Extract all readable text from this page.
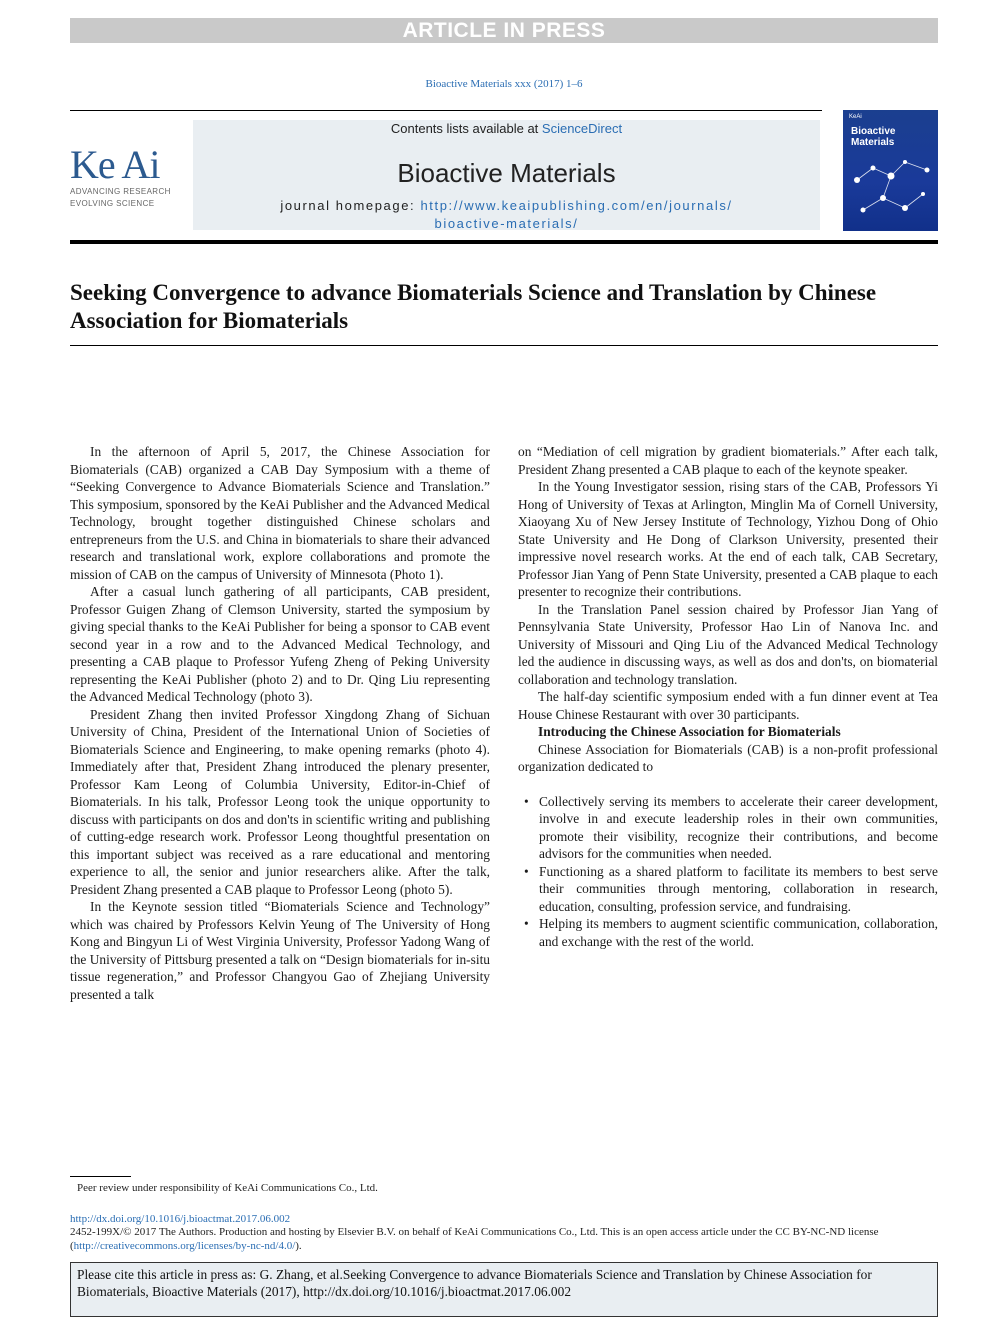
ARTICLE IN PRESS
Bioactive Materials xxx (2017) 1–6
Ke Ai
ADVANCING RESEARCH
EVOLVING SCIENCE
Contents lists available at ScienceDirect
Bioactive Materials
journal homepage: http://www.keaipublishing.com/en/journals/
bioactive-materials/
KeAi
Bioactive
Materials
Seeking Convergence to advance Biomaterials Science and Translation by Chinese Association for Biomaterials

In the afternoon of April 5, 2017, the Chinese Association for Biomaterials (CAB) organized a CAB Day Symposium with a theme of “Seeking Convergence to Advance Biomaterials Science and Translation.” This symposium, sponsored by the KeAi Publisher and the Advanced Medical Technology, brought together distinguished Chinese scholars and entrepreneurs from the U.S. and China in biomaterials to share their advanced research and translational work, explore collaborations and promote the mission of CAB on the campus of University of Minnesota (Photo 1).

After a casual lunch gathering of all participants, CAB president, Professor Guigen Zhang of Clemson University, started the symposium by giving special thanks to the KeAi Publisher for being a sponsor to CAB event second year in a row and to the Advanced Medical Technology, and presenting a CAB plaque to Professor Yufeng Zheng of Peking University representing the KeAi Publisher (photo 2) and to Dr. Qing Liu representing the Advanced Medical Technology (photo 3).

President Zhang then invited Professor Xingdong Zhang of Sichuan University of China, President of the International Union of Societies of Biomaterials Science and Engineering, to make opening remarks (photo 4). Immediately after that, President Zhang introduced the plenary presenter, Professor Kam Leong of Columbia University, Editor-in-Chief of Biomaterials. In his talk, Professor Leong took the unique opportunity to discuss with participants on dos and don'ts in scientific writing and publishing of cutting-edge research work. Professor Leong thoughtful presentation on this important subject was received as a rare educational and mentoring experience to all, the senior and junior researchers alike. After the talk, President Zhang presented a CAB plaque to Professor Leong (photo 5).

In the Keynote session titled “Biomaterials Science and Technology” which was chaired by Professors Kelvin Yeung of The University of Hong Kong and Bingyun Li of West Virginia University, Professor Yadong Wang of the University of Pittsburg presented a talk on “Design biomaterials for in-situ tissue regeneration,” and Professor Changyou Gao of Zhejiang University presented a talk

on “Mediation of cell migration by gradient biomaterials.” After each talk, President Zhang presented a CAB plaque to each of the keynote speaker.

In the Young Investigator session, rising stars of the CAB, Professors Yi Hong of University of Texas at Arlington, Minglin Ma of Cornell University, Xiaoyang Xu of New Jersey Institute of Technology, Yizhou Dong of Ohio State University and He Dong of Clarkson University, presented their impressive novel research works. At the end of each talk, CAB Secretary, Professor Jian Yang of Penn State University, presented a CAB plaque to each presenter to recognize their contributions.

In the Translation Panel session chaired by Professor Jian Yang of Pennsylvania State University, Professor Hao Lin of Nanova Inc. and University of Missouri and Qing Liu of the Advanced Medical Technology led the audience in discussing ways, as well as dos and don'ts, on biomaterial collaboration and technology translation.

The half-day scientific symposium ended with a fun dinner event at Tea House Chinese Restaurant with over 30 participants.

Introducing the Chinese Association for Biomaterials

Chinese Association for Biomaterials (CAB) is a non-profit professional organization dedicated to

• Collectively serving its members to accelerate their career development, involve in and execute leadership roles in their own communities, promote their visibility, recognize their contributions, and become advisors for the communities when needed.
• Functioning as a shared platform to facilitate its members to best serve their communities through mentoring, collaboration in research, education, consulting, profession service, and fundraising.
• Helping its members to augment scientific communication, collaboration, and exchange with the rest of the world.
Peer review under responsibility of KeAi Communications Co., Ltd.
http://dx.doi.org/10.1016/j.bioactmat.2017.06.002
2452-199X/© 2017 The Authors. Production and hosting by Elsevier B.V. on behalf of KeAi Communications Co., Ltd. This is an open access article under the CC BY-NC-ND license (http://creativecommons.org/licenses/by-nc-nd/4.0/).
Please cite this article in press as: G. Zhang, et al.Seeking Convergence to advance Biomaterials Science and Translation by Chinese Association for Biomaterials, Bioactive Materials (2017), http://dx.doi.org/10.1016/j.bioactmat.2017.06.002
